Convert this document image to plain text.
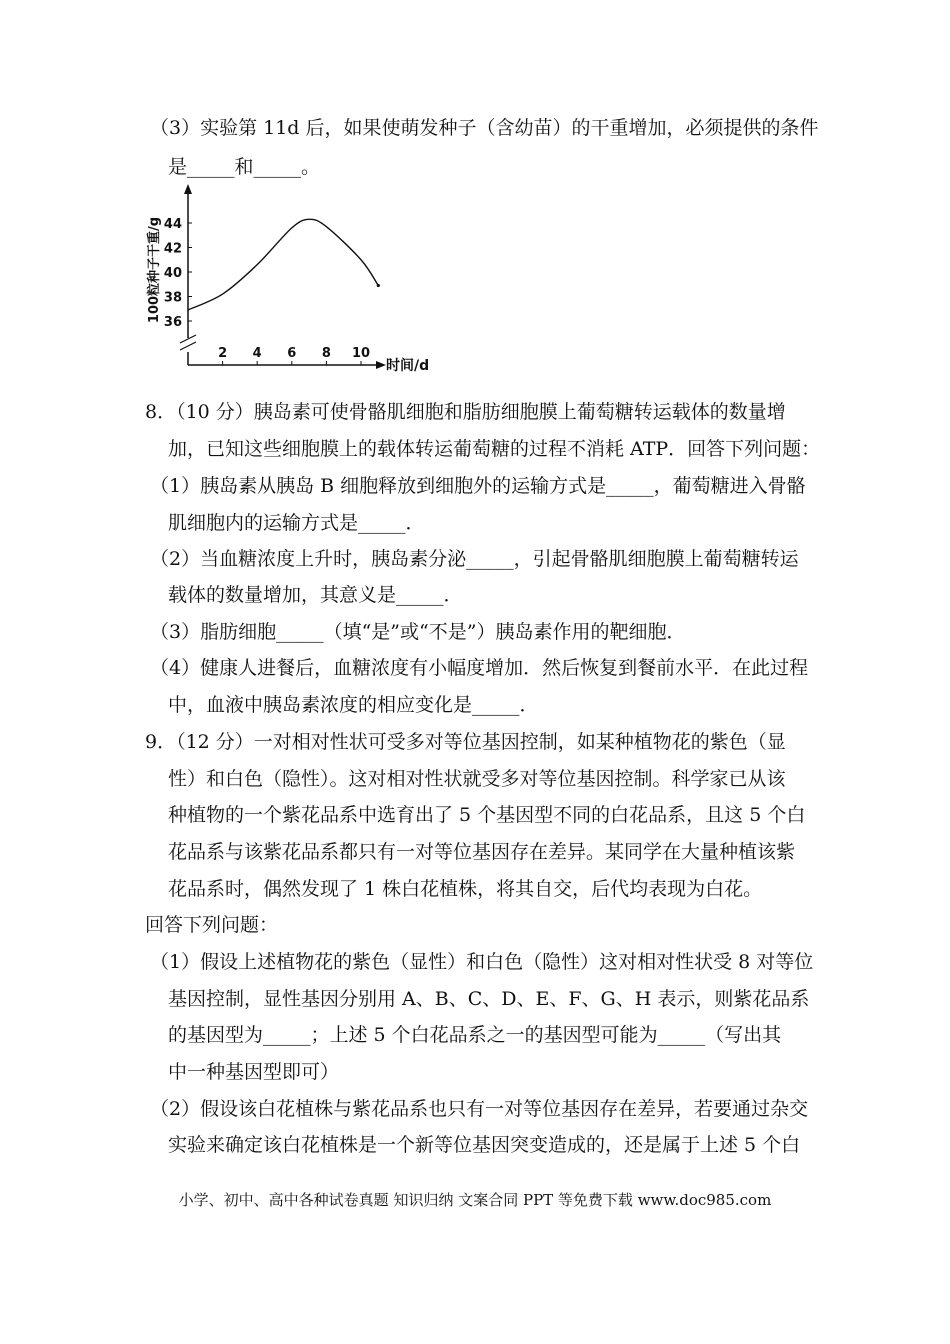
（3）实验第 11d 后，如果使萌发种子（含幼苗）的干重增加，必须提供的条件
是_____和_____。
36
38
40
42
44
2 4 6 8 10
时间/d
100粒种子干重/g
8．（10 分）胰岛素可使骨骼肌细胞和脂肪细胞膜上葡萄糖转运载体的数量增
加，已知这些细胞膜上的载体转运葡萄糖的过程不消耗 ATP．回答下列问题：
（1）胰岛素从胰岛 B 细胞释放到细胞外的运输方式是_____，葡萄糖进入骨骼
肌细胞内的运输方式是_____．
（2）当血糖浓度上升时，胰岛素分泌_____，引起骨骼肌细胞膜上葡萄糖转运
载体的数量增加，其意义是_____．
（3）脂肪细胞_____（填“是”或“不是”）胰岛素作用的靶细胞．
（4）健康人进餐后，血糖浓度有小幅度增加．然后恢复到餐前水平．在此过程
中，血液中胰岛素浓度的相应变化是_____．
9．（12 分）一对相对性状可受多对等位基因控制，如某种植物花的紫色（显
性）和白色（隐性）。这对相对性状就受多对等位基因控制。科学家已从该
种植物的一个紫花品系中选育出了 5 个基因型不同的白花品系，且这 5 个白
花品系与该紫花品系都只有一对等位基因存在差异。某同学在大量种植该紫
花品系时，偶然发现了 1 株白花植株，将其自交，后代均表现为白花。
回答下列问题：
（1）假设上述植物花的紫色（显性）和白色（隐性）这对相对性状受 8 对等位
基因控制，显性基因分别用 A、B、C、D、E、F、G、H 表示，则紫花品系
的基因型为_____；上述 5 个白花品系之一的基因型可能为_____（写出其
中一种基因型即可）
（2）假设该白花植株与紫花品系也只有一对等位基因存在差异，若要通过杂交
实验来确定该白花植株是一个新等位基因突变造成的，还是属于上述 5 个白
小学、初中、高中各种试卷真题 知识归纳 文案合同 PPT 等免费下载 www.doc985.com
